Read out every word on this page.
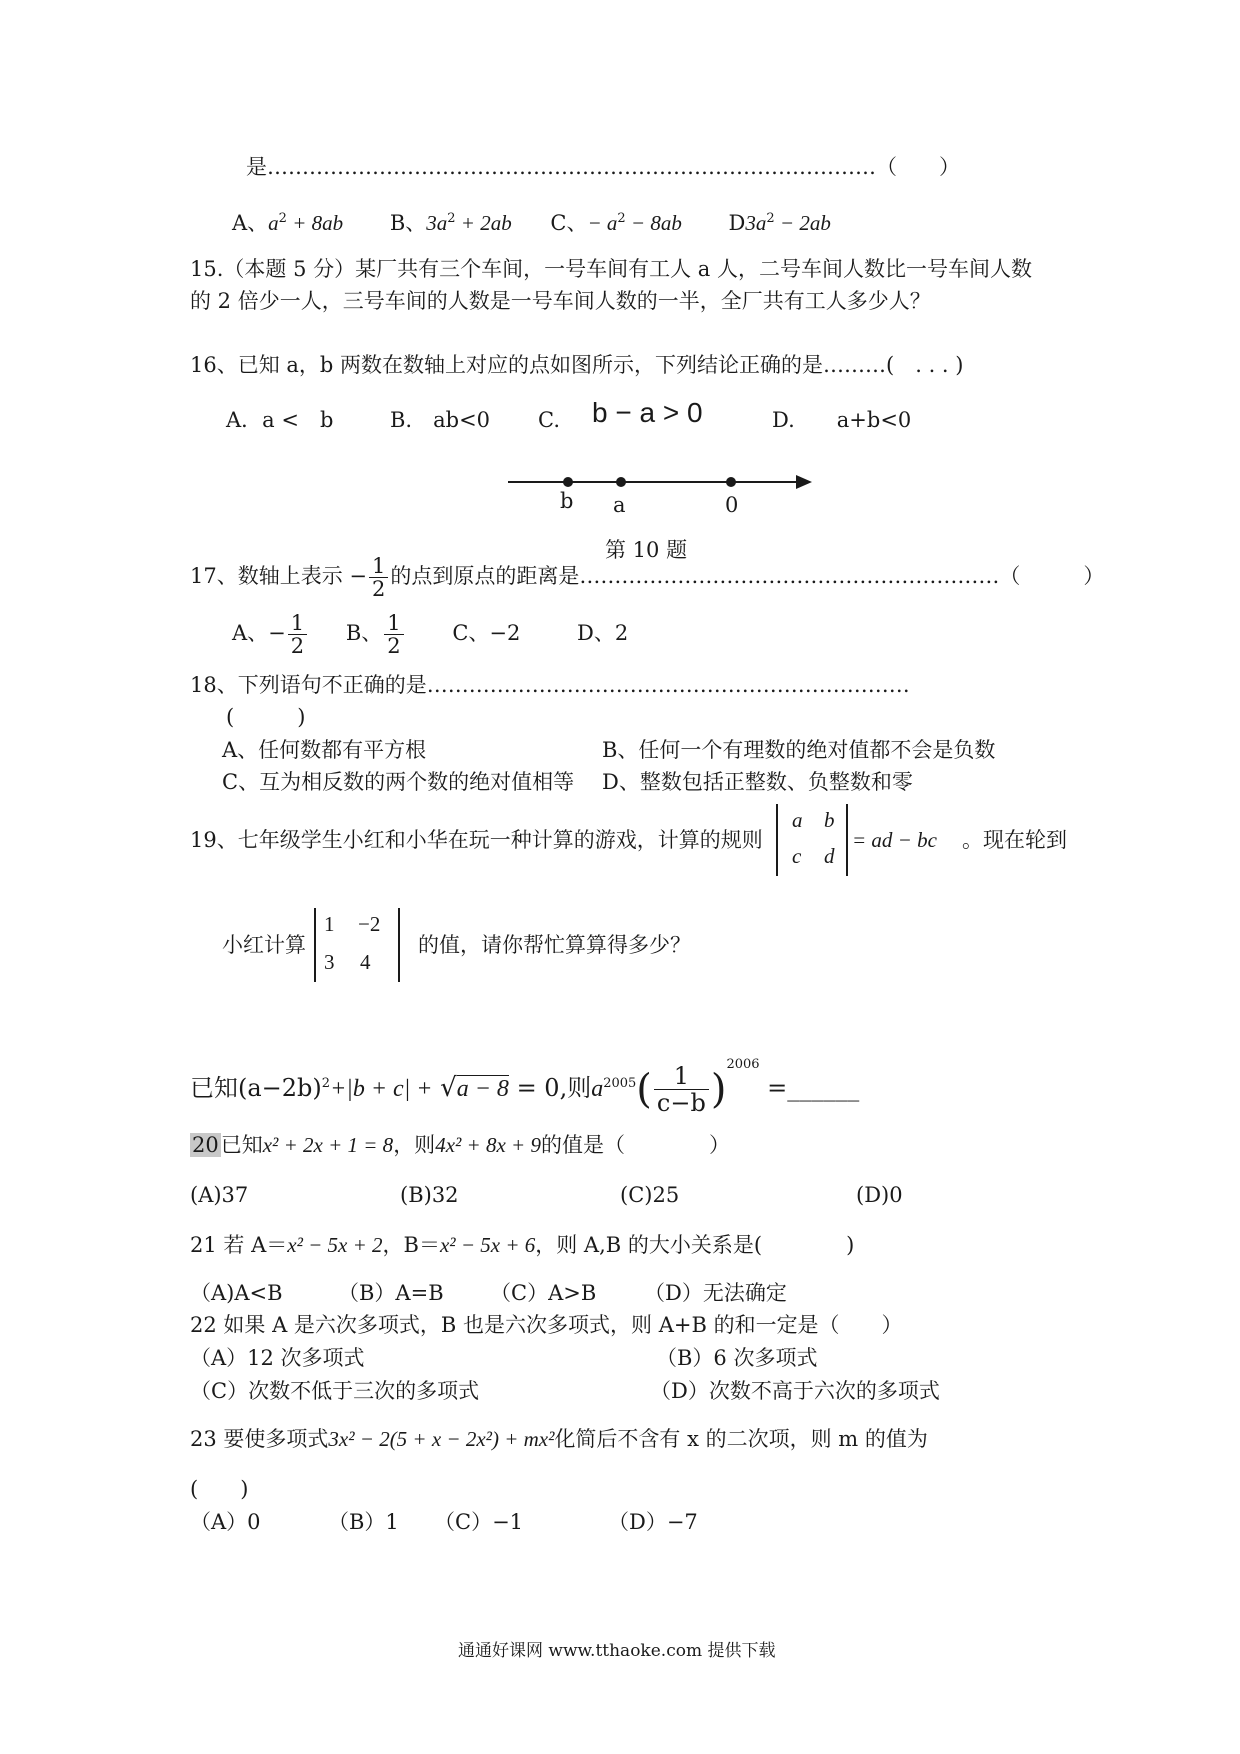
是……………………………………………………………………………（　　）
A、$a^2 + 8ab$ B、$3a^2 + 2ab$ C、− $a^2 - 8ab$ $D3a^2 - 2ab$
15.（本题 5 分）某厂共有三个车间，一号车间有工人 a 人，二号车间人数比一号车间人数
的 2 倍少一人，三号车间的人数是一号车间人数的一半，全厂共有工人多少人？
16、已知 a，b 两数在数轴上对应的点如图所示，下列结论正确的是………(　. . . )
A．a <　b	B.　ab<0 C. b − a > 0	D.　　a+b<0
b a	0
第 10 题
17、数轴上表示 − $\frac{1}{2}$ 的点到原点的距离是……………………………………………………（　　　）
A、− $\frac{1}{2}$ B、 $\frac{1}{2}$ C、−2	D、2
18、下列语句不正确的是……………………………………………………………
(　　　)
A、任何数都有平方根	B、任何一个有理数的绝对值都不会是负数
C、互为相反数的两个数的绝对值相等 D、整数包括正整数、负整数和零
19、七年级学生小红和小华在玩一种计算的游戏，计算的规则
a b
c d
= ad − bc 。现在轮到
小红计算
1 −2
3 4
的值，请你帮忙算算得多少？
已知$(a-2b)^2+|b + c| + √a - 8 = 0$,则$a^{2005}( \frac{1}{c-b} )^{2006}$ =______
20已知x² + 2x + 1 = 8，则4x² + 8x + 9的值是（　　　　）
(A)37	(B)32	(C)25	(D)0
21 若 A＝x² − 5x + 2，B＝x² − 5x + 6，则 A,B 的大小关系是(　　　　)
（A)A<B	（B）A=B （C）A>B （D）无法确定
22 如果 A 是六次多项式，B 也是六次多项式，则 A+B 的和一定是（　　）
（A）12 次多项式	（B）6 次多项式
（C）次数不低于三次的多项式	（D）次数不高于六次的多项式
23 要使多项式3x² − 2(5 + x − 2x²) + mx²化简后不含有 x 的二次项，则 m 的值为
(　　)
（A）0	（B）1 （C）−1	（D）−7
通通好课网 www.tthaoke.com 提供下载
